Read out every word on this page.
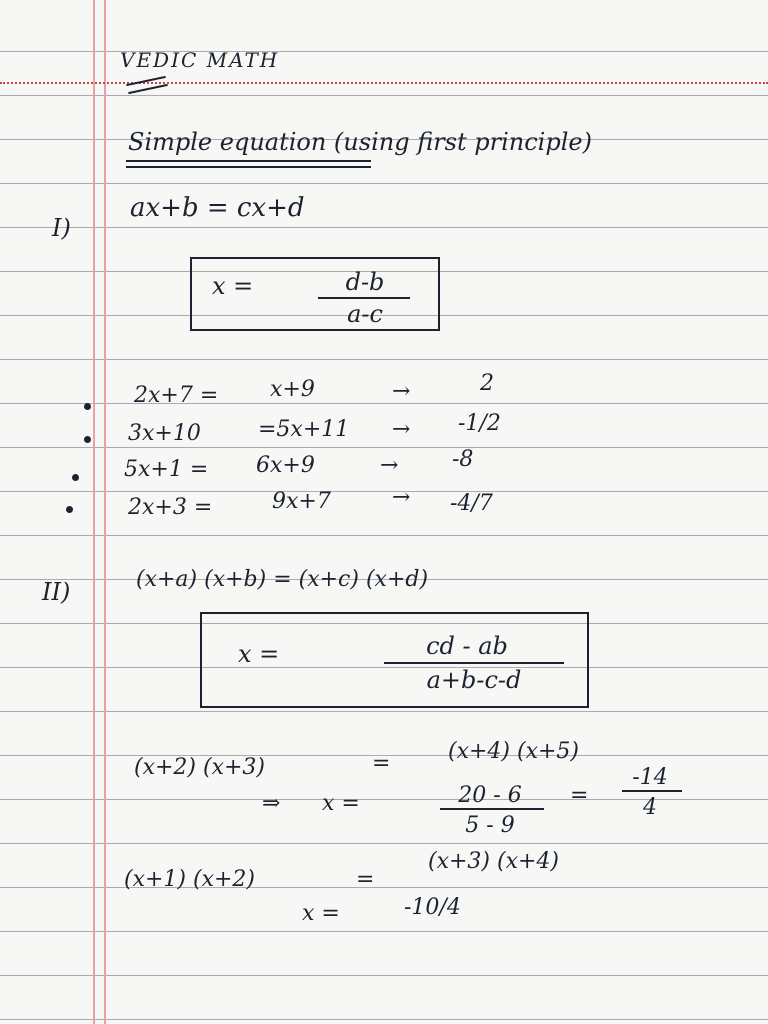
VEDIC MATH
Simple equation (using first principle)
I)
ax+b = cx+d
x =	d-b
a-c
2x+7 = x+9	→	2
3x+10	=5x+11 → -1/2
5x+1 = 6x+9	→ -8
2x+3 =	9x+7	→ -4/7
II)	(x+a) (x+b) = (x+c) (x+d)
x =	cd - ab
a+b-c-d
(x+2) (x+3)	=	(x+4) (x+5)
⇒ x =	20 - 6
5 - 9
=
-14
4
(x+1) (x+2)	=
(x+3) (x+4)
x =	-10/4
